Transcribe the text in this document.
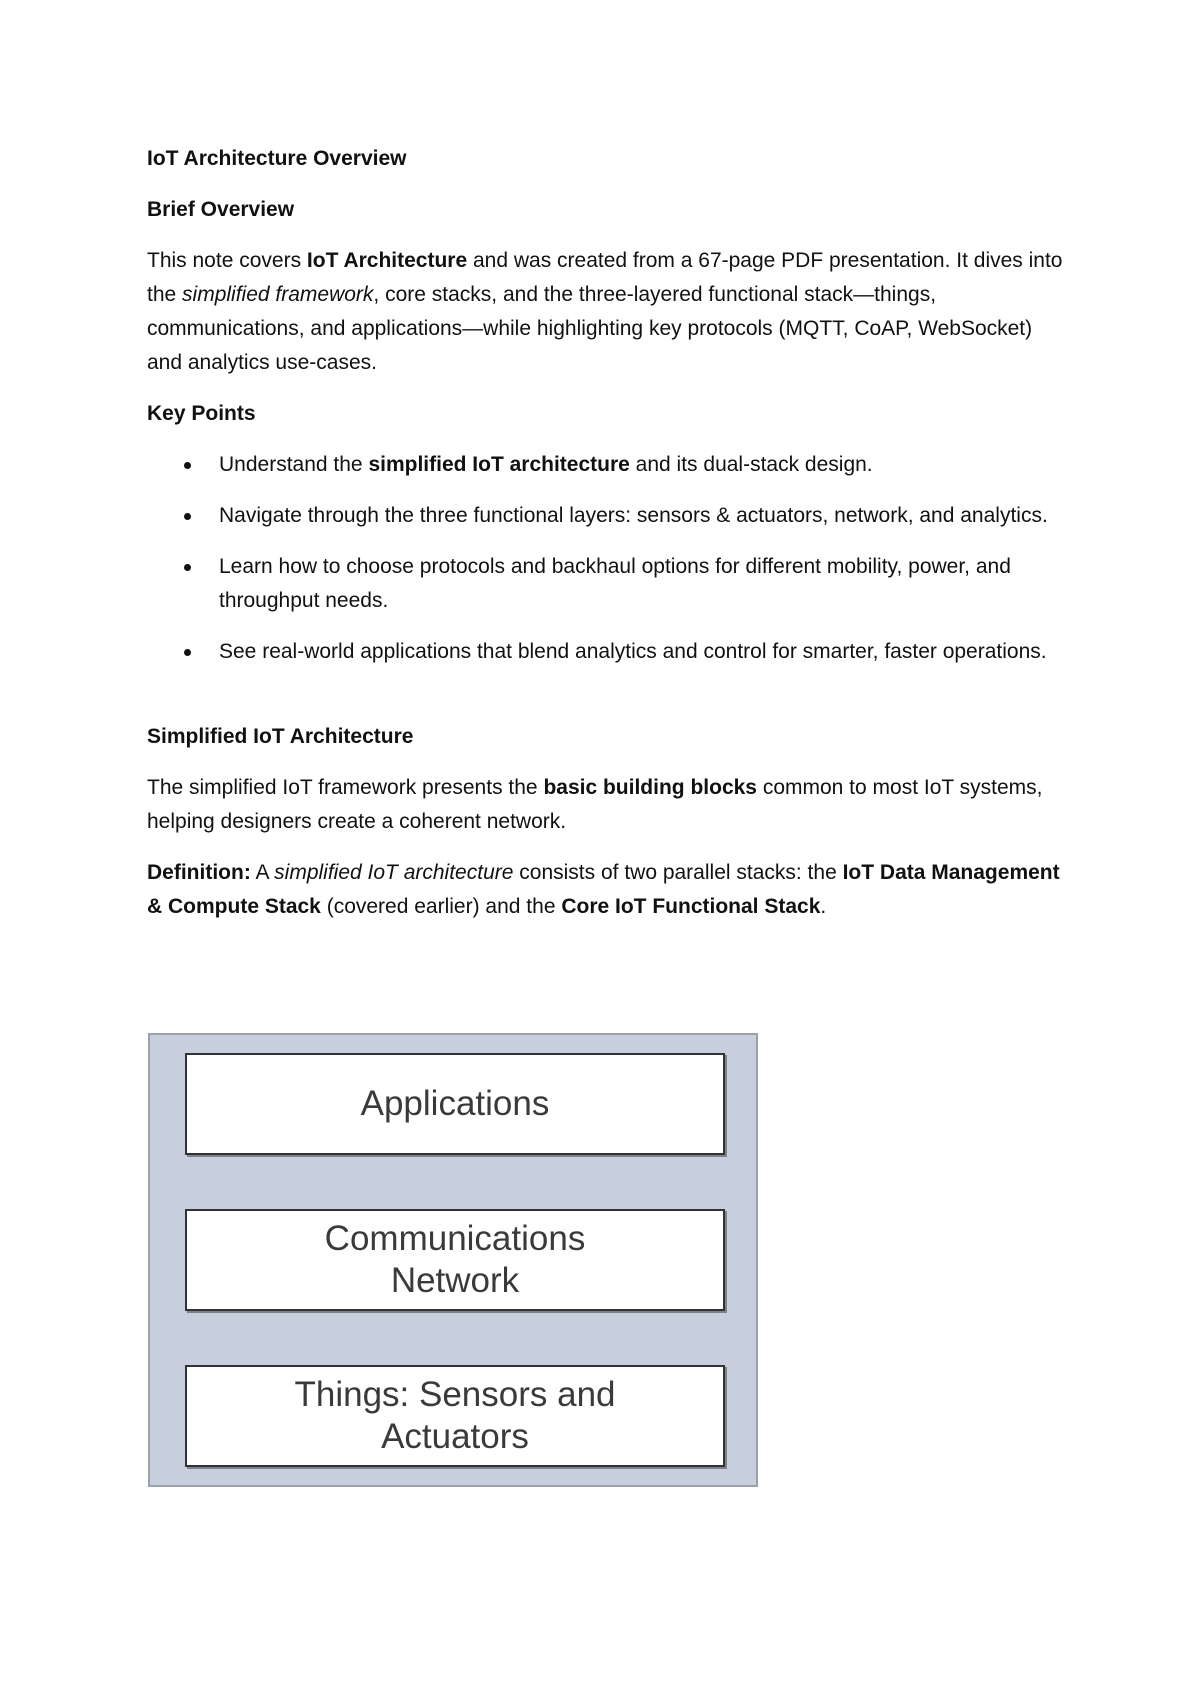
IoT Architecture Overview

Brief Overview

This note covers IoT Architecture and was created from a 67-page PDF presentation. It dives into the simplified framework, core stacks, and the three-layered functional stack—things, communications, and applications—while highlighting key protocols (MQTT, CoAP, WebSocket) and analytics use-cases.

Key Points

Understand the simplified IoT architecture and its dual-stack design.
Navigate through the three functional layers: sensors & actuators, network, and analytics.
Learn how to choose protocols and backhaul options for different mobility, power, and throughput needs.
See real-world applications that blend analytics and control for smarter, faster operations.

Simplified IoT Architecture

The simplified IoT framework presents the basic building blocks common to most IoT systems, helping designers create a coherent network.

Definition: A simplified IoT architecture consists of two parallel stacks: the IoT Data Management & Compute Stack (covered earlier) and the Core IoT Functional Stack.

Applications
Communications
Network
Things: Sensors and
Actuators
